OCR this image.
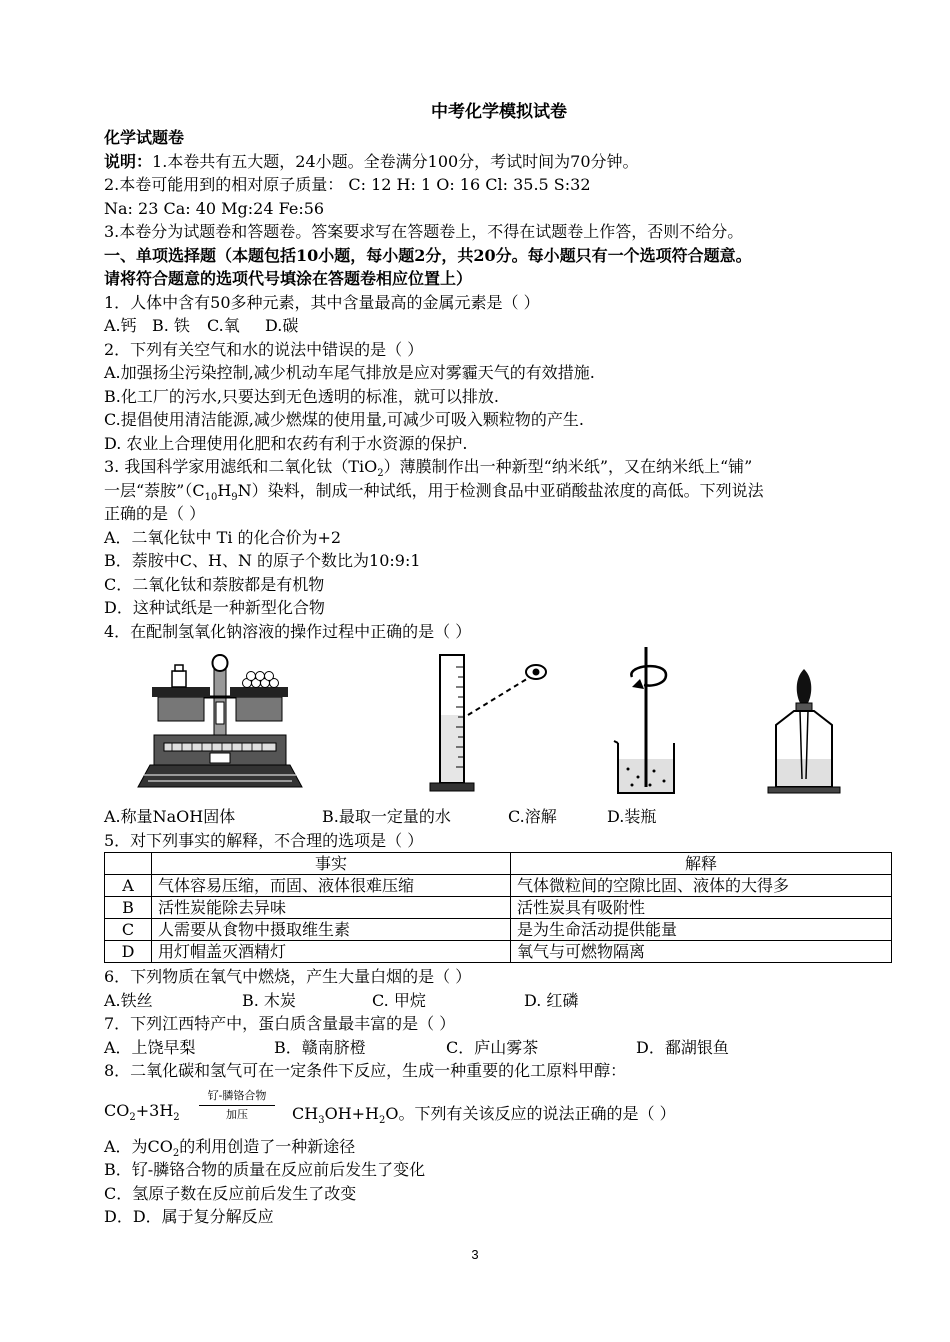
中考化学模拟试卷
化学试题卷
说明：1.本卷共有五大题，24小题。全卷满分100分，考试时间为70分钟。
2.本卷可能用到的相对原子质量： C: 12 H: 1 O: 16 Cl: 35.5 S:32
Na: 23 Ca: 40 Mg:24 Fe:56
3.本卷分为试题卷和答题卷。答案要求写在答题卷上，不得在试题卷上作答，否则不给分。
一、单项选择题（本题包括10小题，每小题2分，共20分。每小题只有一个选项符合题意。
请将符合题意的选项代号填涂在答题卷相应位置上）
1．人体中含有50多种元素，其中含量最高的金属元素是（ ）
A.钙 B. 铁 C.氧 D.碳
2．下列有关空气和水的说法中错误的是（ ）
A.加强扬尘污染控制,减少机动车尾气排放是应对雾霾天气的有效措施.
B.化工厂的污水,只要达到无色透明的标准，就可以排放.
C.提倡使用清洁能源,减少燃煤的使用量,可减少可吸入颗粒物的产生.
D. 农业上合理使用化肥和农药有利于水资源的保护.
3. 我国科学家用滤纸和二氧化钛（TiO$_2$）薄膜制作出一种新型“纳米纸”，又在纳米纸上“铺”
一层“萘胺$”(C_{10}H_9N)$染料，制成一种试纸，用于检测食品中亚硝酸盐浓度的高低。下列说法
正确的是（ ）
A．二氧化钛中 Ti 的化合价为+2
B．萘胺中C、H、N 的原子个数比为10:9:1
C．二氧化钛和萘胺都是有机物
D．这种试纸是一种新型化合物
4．在配制氢氧化钠溶液的操作过程中正确的是（ ）
A.称量NaOH固体	B.最取一定量的水	C.溶解	D.装瓶
5．对下列事实的解释，不合理的选项是（ ）
	事实	解释
A	气体容易压缩，而固、液体很难压缩	气体微粒间的空隙比固、液体的大得多
B	活性炭能除去异味	活性炭具有吸附性
C	人需要从食物中摄取维生素	是为生命活动提供能量
D	用灯帽盖灭酒精灯	氧气与可燃物隔离
6．下列物质在氧气中燃烧，产生大量白烟的是（ ）
A.铁丝	B. 木炭	C. 甲烷	D. 红磷
7．下列江西特产中，蛋白质含量最丰富的是（ ）
A．上饶早梨	B．赣南脐橙	C．庐山雾茶	D．鄱湖银鱼
8．二氧化碳和氢气可在一定条件下反应，生成一种重要的化工原料甲醇：
$CO_2+3H_2$
钌-膦铬合物
加压	$CH_3OH+H_2O$。下列有关该反应的说法正确的是（ ）
A．为$CO_2$的利用创造了一种新途径
B．钌-膦铬合物的质量在反应前后发生了变化
C．氢原子数在反应前后发生了改变
D．D．属于复分解反应
3
